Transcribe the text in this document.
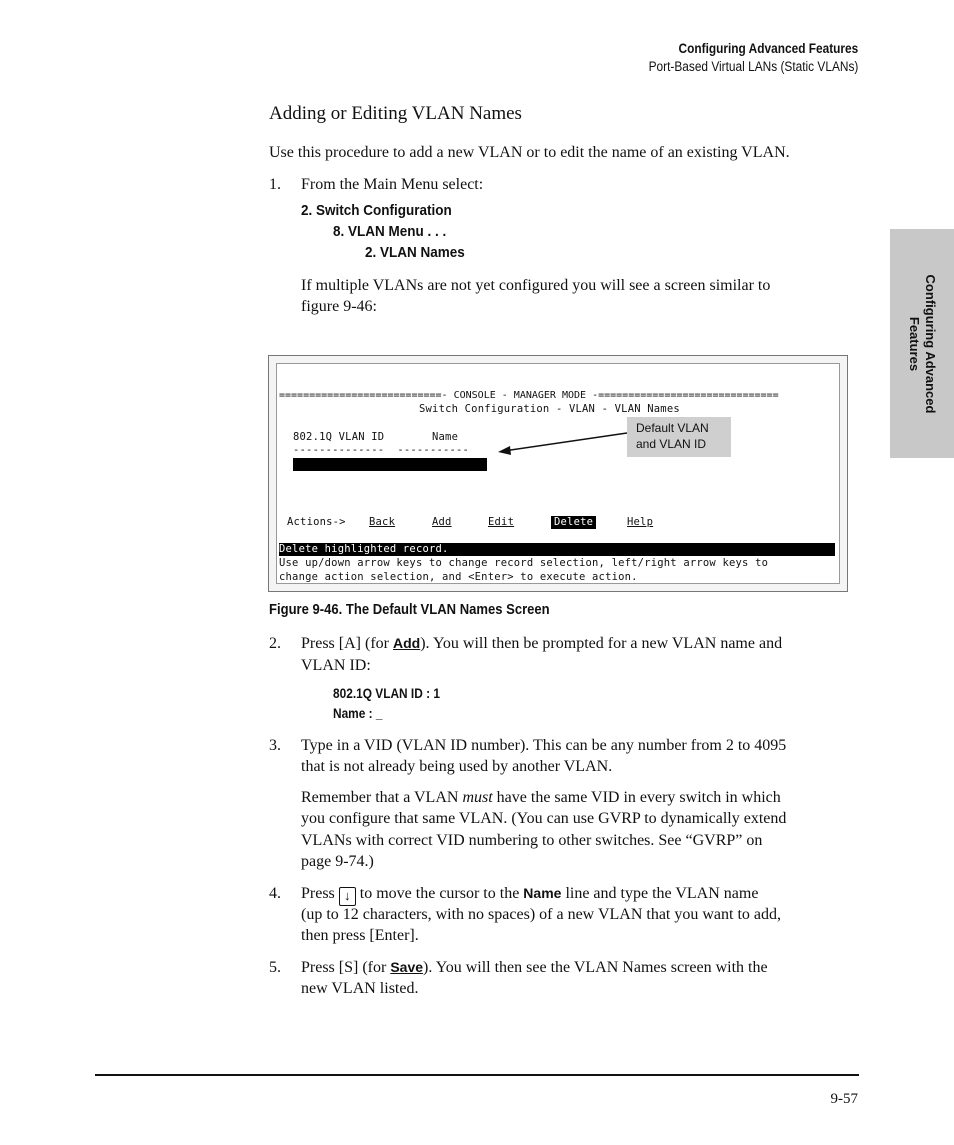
Configuring Advanced Features
Port-Based Virtual LANs (Static VLANs)
Configuring Advanced
Features
Adding or Editing VLAN Names
Use this procedure to add a new VLAN or to edit the name of an existing VLAN.
1. From the Main Menu select:
2. Switch Configuration
8. VLAN Menu . . .
2. VLAN Names
If multiple VLANs are not yet configured you will see a screen similar to
figure 9-46:
===========================- CONSOLE - MANAGER MODE -==============================
Switch Configuration - VLAN - VLAN Names
802.1Q VLAN ID	Name
--------------  -----------

1	DEFAULT_VLAN

Actions-> Back	Add	Edit	Delete	Help
Delete highlighted record.
Use up/down arrow keys to change record selection, left/right arrow keys to
change action selection, and <Enter> to execute action.
Default VLAN
and VLAN ID
Figure 9-46. The Default VLAN Names Screen
2. Press [A] (for Add). You will then be prompted for a new VLAN name and
VLAN ID:
802.1Q VLAN ID : 1
Name : _
3. Type in a VID (VLAN ID number). This can be any number from 2 to 4095
that is not already being used by another VLAN.
Remember that a VLAN must have the same VID in every switch in which
you configure that same VLAN. (You can use GVRP to dynamically extend
VLANs with correct VID numbering to other switches. See “GVRP” on
page 9-74.)
4. Press ↓ to move the cursor to the Name line and type the VLAN name
(up to 12 characters, with no spaces) of a new VLAN that you want to add,
then press [Enter].
5. Press [S] (for Save). You will then see the VLAN Names screen with the
new VLAN listed.
9-57
